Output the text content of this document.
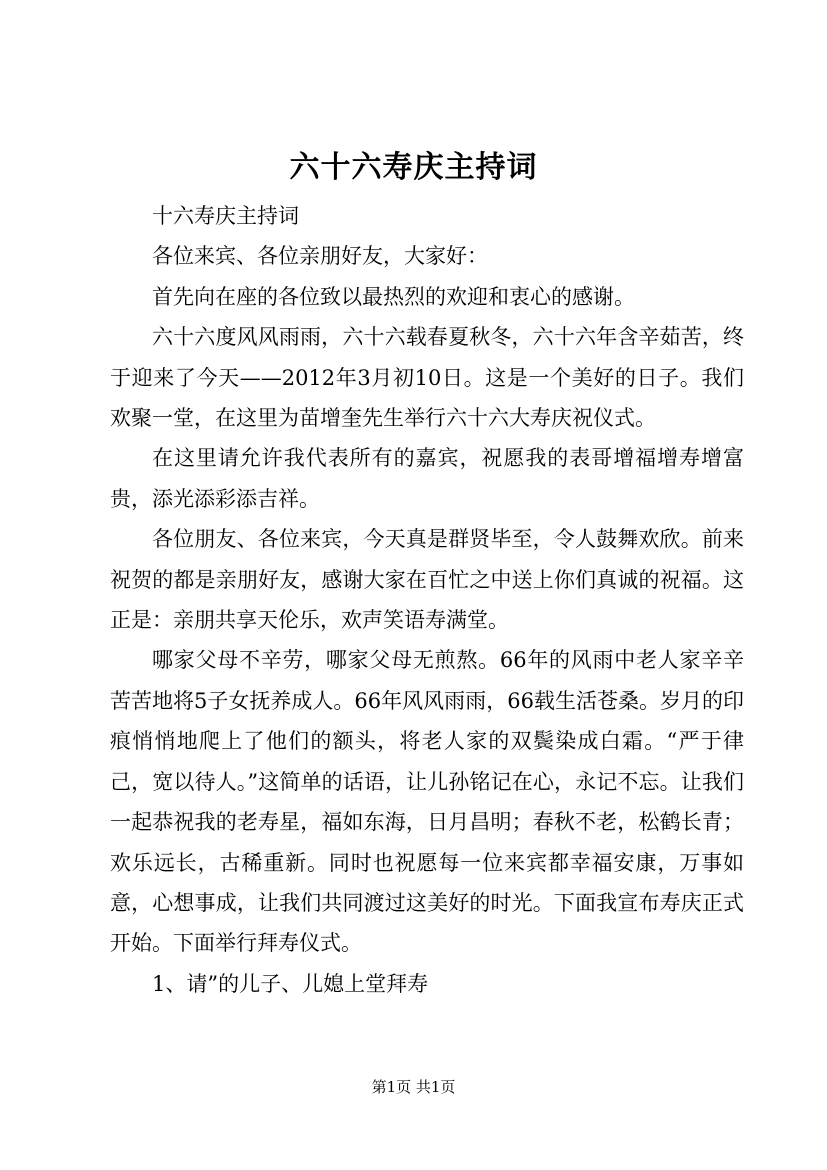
六十六寿庆主持词

十六寿庆主持词

各位来宾、各位亲朋好友，大家好：

首先向在座的各位致以最热烈的欢迎和衷心的感谢。

六十六度风风雨雨，六十六载春夏秋冬，六十六年含辛茹苦，终于迎来了今天——2012年3月初10日。这是一个美好的日子。我们欢聚一堂，在这里为苗增奎先生举行六十六大寿庆祝仪式。

在这里请允许我代表所有的嘉宾，祝愿我的表哥增福增寿增富贵，添光添彩添吉祥。

各位朋友、各位来宾，今天真是群贤毕至，令人鼓舞欢欣。前来祝贺的都是亲朋好友，感谢大家在百忙之中送上你们真诚的祝福。这正是：亲朋共享天伦乐，欢声笑语寿满堂。

哪家父母不辛劳，哪家父母无煎熬。66年的风雨中老人家辛辛苦苦地将5子女抚养成人。66年风风雨雨，66载生活苍桑。岁月的印痕悄悄地爬上了他们的额头，将老人家的双鬓染成白霜。“严于律己，宽以待人。”这简单的话语，让儿孙铭记在心，永记不忘。让我们一起恭祝我的老寿星，福如东海，日月昌明；春秋不老，松鹤长青；欢乐远长，古稀重新。同时也祝愿每一位来宾都幸福安康，万事如意，心想事成，让我们共同渡过这美好的时光。下面我宣布寿庆正式开始。下面举行拜寿仪式。

1、请”的儿子、儿媳上堂拜寿

第1页 共1页
